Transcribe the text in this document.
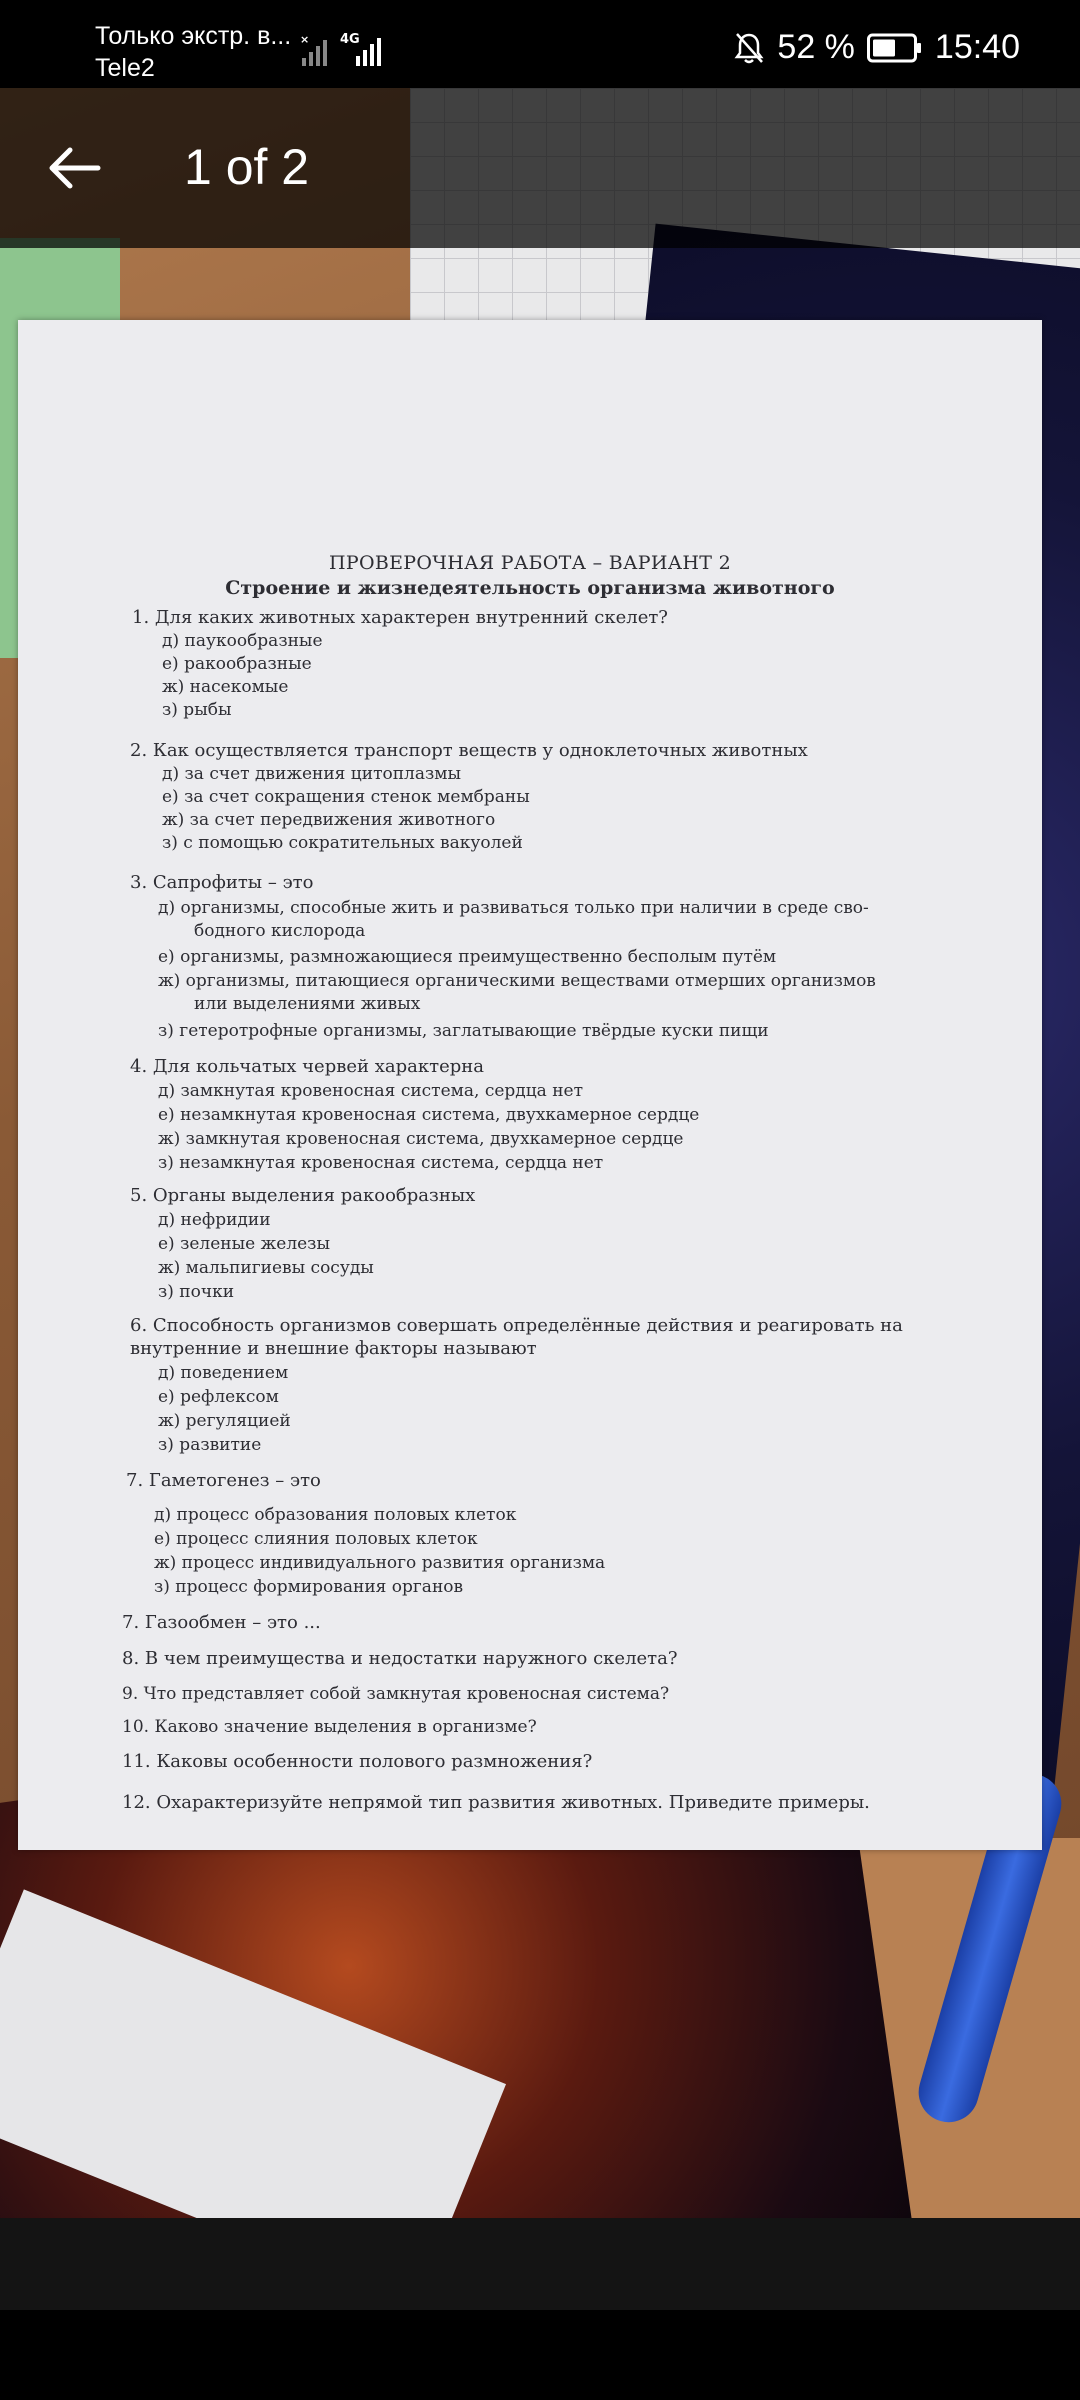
Только экстр. в...
Tele2
× 4G	52 % 15:40
ПРОВЕРОЧНАЯ РАБОТА – ВАРИАНТ 2
Строение и жизнедеятельность организма животного
1. Для каких животных характерен внутренний скелет?
д) паукообразные
е) ракообразные
ж) насекомые
з) рыбы
2. Как осуществляется транспорт веществ у одноклеточных животных
д) за счет движения цитоплазмы
е) за счет сокращения стенок мембраны
ж) за счет передвижения животного
з) с помощью сократительных вакуолей
3. Сапрофиты – это
д) организмы, способные жить и развиваться только при наличии в среде сво-
бодного кислорода
е) организмы, размножающиеся преимущественно бесполым путём
ж) организмы, питающиеся органическими веществами отмерших организмов
или выделениями живых
з) гетеротрофные организмы, заглатывающие твёрдые куски пищи
4. Для кольчатых червей характерна
д) замкнутая кровеносная система, сердца нет
е) незамкнутая кровеносная система, двухкамерное сердце
ж) замкнутая кровеносная система, двухкамерное сердце
з) незамкнутая кровеносная система, сердца нет
5. Органы выделения ракообразных
д) нефридии
е) зеленые железы
ж) мальпигиевы сосуды
з) почки
6. Способность организмов совершать определённые действия и реагировать на
внутренние и внешние факторы называют
д) поведением
е) рефлексом
ж) регуляцией
з) развитие
7. Гаметогенез – это
д) процесс образования половых клеток
е) процесс слияния половых клеток
ж) процесс индивидуального развития организма
з) процесс формирования органов
7. Газообмен – это ...
8. В чем преимущества и недостатки наружного скелета?
9. Что представляет собой замкнутая кровеносная система?
10. Каково значение выделения в организме?
11. Каковы особенности полового размножения?
12. Охарактеризуйте непрямой тип развития животных. Приведите примеры.
1 of 2
